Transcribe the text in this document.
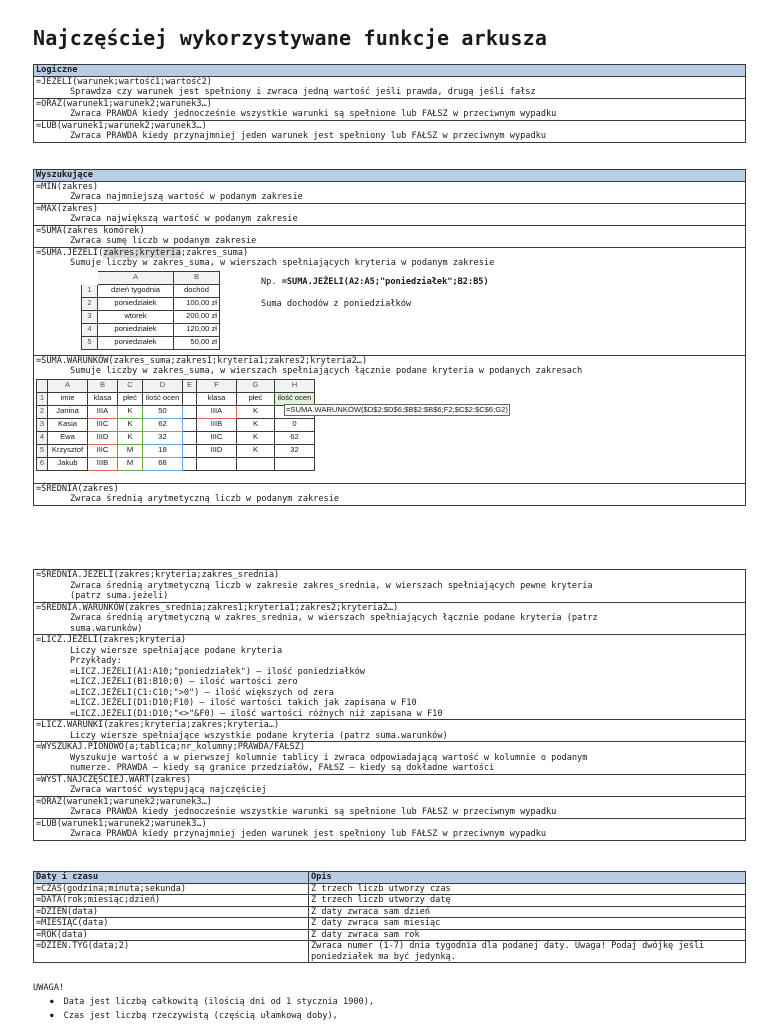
Najczęściej wykorzystywane funkcje arkusza
Logiczne

=JEŻELI(warunek;wartość1;wartość2)
Sprawdza czy warunek jest spełniony i zwraca jedną wartość jeśli prawda, drugą jeśli fałsz

=ORAZ(warunek1;warunek2;warunek3…)
Zwraca PRAWDA kiedy jednocześnie wszystkie warunki są spełnione lub FAŁSZ w przeciwnym wypadku

=LUB(warunek1;warunek2;warunek3…)
Zwraca PRAWDA kiedy przynajmniej jeden warunek jest spełniony lub FAŁSZ w przeciwnym wypadku
Wyszukujące

=MIN(zakres)
Zwraca najmniejszą wartość w podanym zakresie

=MAX(zakres)
Zwraca największą wartość w podanym zakresie

=SUMA(zakres komórek)
Zwraca sumę liczb w podanym zakresie

=SUMA.JEŻELI(zakres;kryteria;zakres_suma)
Sumuje liczby w zakres_suma, w wierszach spełniających kryteria w podanym zakresie
	A	B
1	dzień tygodnia	dochód
2	poniedziałek	100,00 zł
3	wtorek	200,00 zł
4	poniedziałek	120,00 zł
5	poniedziałek	50,00 zł
Np. =SUMA.JEŻELI(A2:A5;"poniedziałek";B2:B5)
Suma dochodów z poniedziałków

=SUMA.WARUNKÓW(zakres_suma;zakres1;kryteria1;zakres2;kryteria2…)
Sumuje liczby w zakres_suma, w wierszach spełniających łącznie podane kryteria w podanych zakresach
	A	B	C	D	E	F	G	H
1	imie	klasa	płeć	ilość ocen		klasa	płeć	ilość ocen
2	Janina	IIIA	K	50		IIIA	K	
3	Kasia	IIIC	K	62		IIIB	K	0
4	Ewa	IIID	K	32		IIIC	K	62
5	Krzysztof	IIIC	M	18		IIID	K	32
6	Jakub	IIIB	M	68				
=SUMA.WARUNKÓW($D$2:$D$6;$B$2:$B$6;F2;$C$2:$C$6;G2)

=ŚREDNIA(zakres)
Zwraca średnią arytmetyczną liczb w podanym zakresie
=ŚREDNIA.JEŻELI(zakres;kryteria;zakres_srednia)
Zwraca średnią arytmetyczną liczb w zakresie zakres_srednia, w wierszach spełniających pewne kryteria
(patrz suma.jeżeli)

=ŚREDNIA.WARUNKÓW(zakres_srednia;zakres1;kryteria1;zakres2;kryteria2…)
Zwraca średnią arytmetyczną w zakres_srednia, w wierszach spełniających łącznie podane kryteria (patrz
suma.warunków)

=LICZ.JEŻELI(zakres;kryteria)
Liczy wiersze spełniające podane kryteria
Przykłady:
=LICZ.JEŻELI(A1:A10;"poniedziałek") – ilość poniedziałków
=LICZ.JEŻELI(B1:B10;0) – ilość wartości zero
=LICZ.JEŻELI(C1:C10;">0") – ilość większych od zera
=LICZ.JEŻELI(D1:D10;F10) – ilość wartości takich jak zapisana w F10
=LICZ.JEŻELI(D1:D10;"<>"&F0) – ilość wartości różnych niż zapisana w F10

=LICZ.WARUNKI(zakres;kryteria;zakres;kryteria…)
Liczy wiersze spełniające wszystkie podane kryteria (patrz suma.warunków)

=WYSZUKAJ.PIONOWO(a;tablica;nr_kolumny;PRAWDA/FAŁSZ)
Wyszukuje wartość a w pierwszej kolumnie tablicy i zwraca odpowiadającą wartość w kolumnie o podanym
numerze. PRAWDA – kiedy są granice przedziałów, FAŁSZ – kiedy są dokładne wartości

=WYST.NAJCZĘŚCIEJ.WART(zakres)
Zwraca wartość występującą najczęściej

=ORAZ(warunek1;warunek2;warunek3…)
Zwraca PRAWDA kiedy jednocześnie wszystkie warunki są spełnione lub FAŁSZ w przeciwnym wypadku

=LUB(warunek1;warunek2;warunek3…)
Zwraca PRAWDA kiedy przynajmniej jeden warunek jest spełniony lub FAŁSZ w przeciwnym wypadku
Daty i czasu	Opis
=CZAS(godzina;minuta;sekunda)	Z trzech liczb utworzy czas
=DATA(rok;miesiąc;dzień)	Z trzech liczb utworzy datę
=DZIEŃ(data)	Z daty zwraca sam dzień
=MIESIĄC(data)	Z daty zwraca sam miesiąc
=ROK(data)	Z daty zwraca sam rok
=DZIEŃ.TYG(data;2)	Zwraca numer (1-7) dnia tygodnia dla podanej daty. Uwaga! Podaj dwójkę jeśli poniedziałek ma być jedynką.
UWAGA!
● Data jest liczbą całkowitą (ilością dni od 1 stycznia 1900),
● Czas jest liczbą rzeczywistą (częścią ułamkową doby),
